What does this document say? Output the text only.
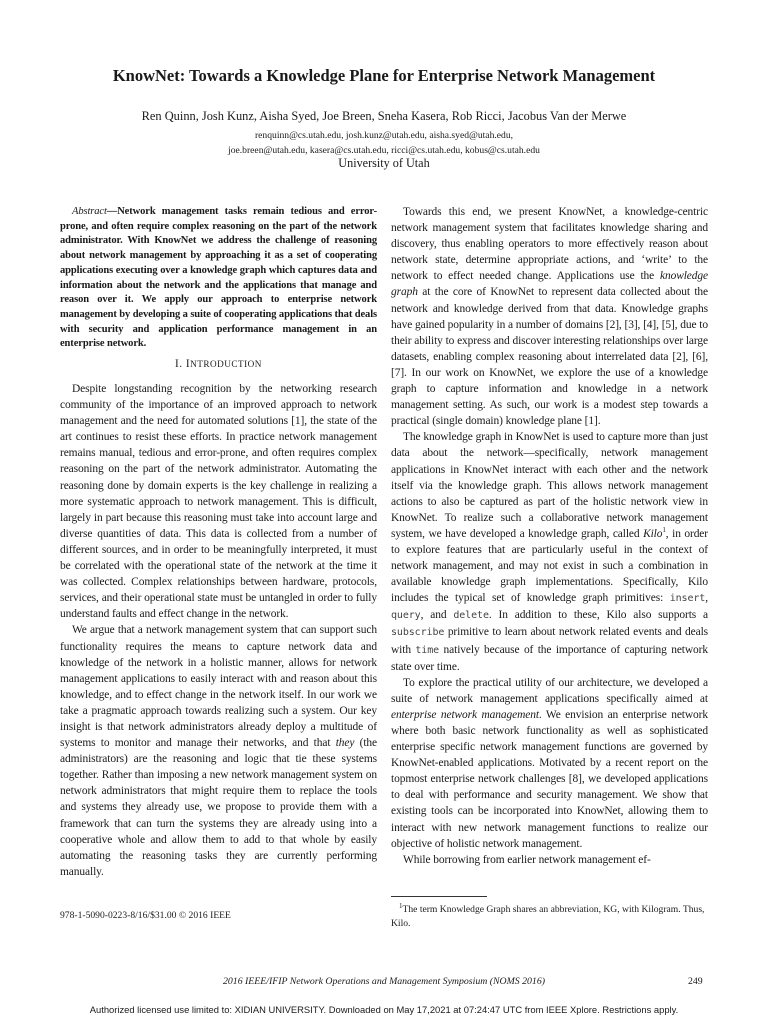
KnowNet: Towards a Knowledge Plane for Enterprise Network Management
Ren Quinn, Josh Kunz, Aisha Syed, Joe Breen, Sneha Kasera, Rob Ricci, Jacobus Van der Merwe
renquinn@cs.utah.edu, josh.kunz@utah.edu, aisha.syed@utah.edu,
joe.breen@utah.edu, kasera@cs.utah.edu, ricci@cs.utah.edu, kobus@cs.utah.edu
University of Utah
Abstract—Network management tasks remain tedious and error-prone, and often require complex reasoning on the part of the network administrator. With KnowNet we address the challenge of reasoning about network management by approaching it as a set of cooperating applications executing over a knowledge graph which captures data and information about the network and the applications that manage and reason over it. We apply our approach to enterprise network management by developing a suite of cooperating applications that deals with security and application performance management in an enterprise network.
I. INTRODUCTION

Despite longstanding recognition by the networking research community of the importance of an improved approach to network management and the need for automated solutions [1], the state of the art continues to resist these efforts. In practice network management remains manual, tedious and error-prone, and often requires complex reasoning on the part of the network administrator. Automating the reasoning done by domain experts is the key challenge in realizing a more systematic approach to network management. This is difficult, largely in part because this reasoning must take into account large and diverse quantities of data. This data is collected from a number of different sources, and in order to be meaningfully interpreted, it must be correlated with the operational state of the network at the time it was collected. Complex relationships between hardware, protocols, services, and their operational state must be untangled in order to fully understand faults and effect change in the network.

We argue that a network management system that can support such functionality requires the means to capture network data and knowledge of the network in a holistic manner, allows for network management applications to easily interact with and reason about this knowledge, and to effect change in the network itself. In our work we take a pragmatic approach towards realizing such a system. Our key insight is that network administrators already deploy a multitude of systems to monitor and manage their networks, and that they (the administrators) are the reasoning and logic that tie these systems together. Rather than imposing a new network management system on network administrators that might require them to replace the tools and systems they already use, we propose to provide them with a framework that can turn the systems they are already using into a cooperative whole and allow them to add to that whole by easily automating the reasoning tasks they are currently performing manually.

Towards this end, we present KnowNet, a knowledge-centric network management system that facilitates knowledge sharing and discovery, thus enabling operators to more effectively reason about network state, determine appropriate actions, and ‘write’ to the network to effect needed change. Applications use the knowledge graph at the core of KnowNet to represent data collected about the network and knowledge derived from that data. Knowledge graphs have gained popularity in a number of domains [2], [3], [4], [5], due to their ability to express and discover interesting relationships over large datasets, enabling complex reasoning about interrelated data [2], [6], [7]. In our work on KnowNet, we explore the use of a knowledge graph to capture information and knowledge in a network management setting. As such, our work is a modest step towards a practical (single domain) knowledge plane [1].

The knowledge graph in KnowNet is used to capture more than just data about the network—specifically, network management applications in KnowNet interact with each other and the network itself via the knowledge graph. This allows network management actions to also be captured as part of the holistic network view in KnowNet. To realize such a collaborative network management system, we have developed a knowledge graph, called Kilo$^1$, in order to explore features that are particularly useful in the context of network management, and may not exist in such a combination in available knowledge graph implementations. Specifically, Kilo includes the typical set of knowledge graph primitives: insert, query, and delete. In addition to these, Kilo also supports a subscribe primitive to learn about network related events and deals with time natively because of the importance of capturing network state over time.

To explore the practical utility of our architecture, we developed a suite of network management applications specifically aimed at enterprise network management. We envision an enterprise network where both basic network functionality as well as sophisticated enterprise specific network management functions are governed by KnowNet-enabled applications. Motivated by a recent report on the topmost enterprise network challenges [8], we developed applications to deal with performance and security management. We show that existing tools can be incorporated into KnowNet, allowing them to interact with new network management functions to realize our objective of holistic network management.

While borrowing from earlier network management ef-

978-1-5090-0223-8/16/$31.00 © 2016 IEEE
$^1$The term Knowledge Graph shares an abbreviation, KG, with Kilogram. Thus, Kilo.
2016 IEEE/IFIP Network Operations and Management Symposium (NOMS 2016)	249
Authorized licensed use limited to: XIDIAN UNIVERSITY. Downloaded on May 17,2021 at 07:24:47 UTC from IEEE Xplore. Restrictions apply.
